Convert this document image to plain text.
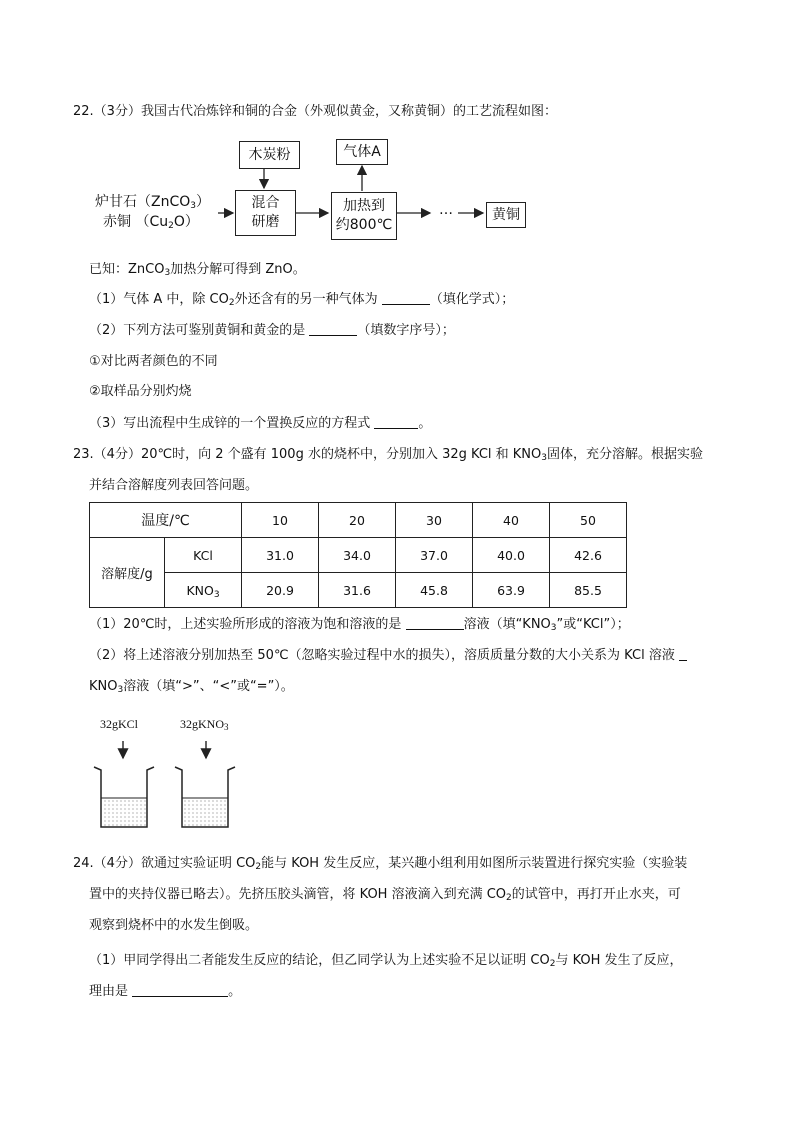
22.（3分）我国古代冶炼锌和铜的合金（外观似黄金，又称黄铜）的工艺流程如图：
炉甘石（ZnCO$_3$）
赤铜 $(Cu_2O)$
木炭粉
混合
研磨
气体A
加热到
约800℃
…	黄铜
已知：ZnCO$_3$加热分解可得到 ZnO。
（1）气体 A 中，除 $CO_2$外还含有的另一种气体为	（填化学式）；
（2）下列方法可鉴别黄铜和黄金的是	（填数字序号）；
①对比两者颜色的不同
②取样品分别灼烧
（3）写出流程中生成锌的一个置换反应的方程式	。
23.（4分）20℃时，向 2 个盛有 100g 水的烧杯中，分别加入 32g KCl 和 $KNO_3$固体，充分溶解。根据实验
并结合溶解度列表回答问题。
温度/℃		10	20	30	40	50
溶解度/g	KCl	31.0	34.0	37.0	40.0	42.6
	$KNO_3$	20.9	31.6	45.8	63.9	85.5
（1）20℃时，上述实验所形成的溶液为饱和溶液的是	溶液（填“$KNO_3$”或“KCl”）；
（2）将上述溶液分别加热至 50℃（忽略实验过程中水的损失），溶质质量分数的大小关系为 KCl 溶液
$KNO_3$溶液（填“>”、“<”或“=”）。
32gKCl	32gKNO$_3$
24.（4分）欲通过实验证明 $CO_2$能与 KOH 发生反应，某兴趣小组利用如图所示装置进行探究实验（实验装
置中的夹持仪器已略去）。先挤压胶头滴管，将 KOH 溶液滴入到充满 $CO_2$的试管中，再打开止水夹，可
观察到烧杯中的水发生倒吸。
（1）甲同学得出二者能发生反应的结论，但乙同学认为上述实验不足以证明 $CO_2$与 KOH 发生了反应，
理由是	。
